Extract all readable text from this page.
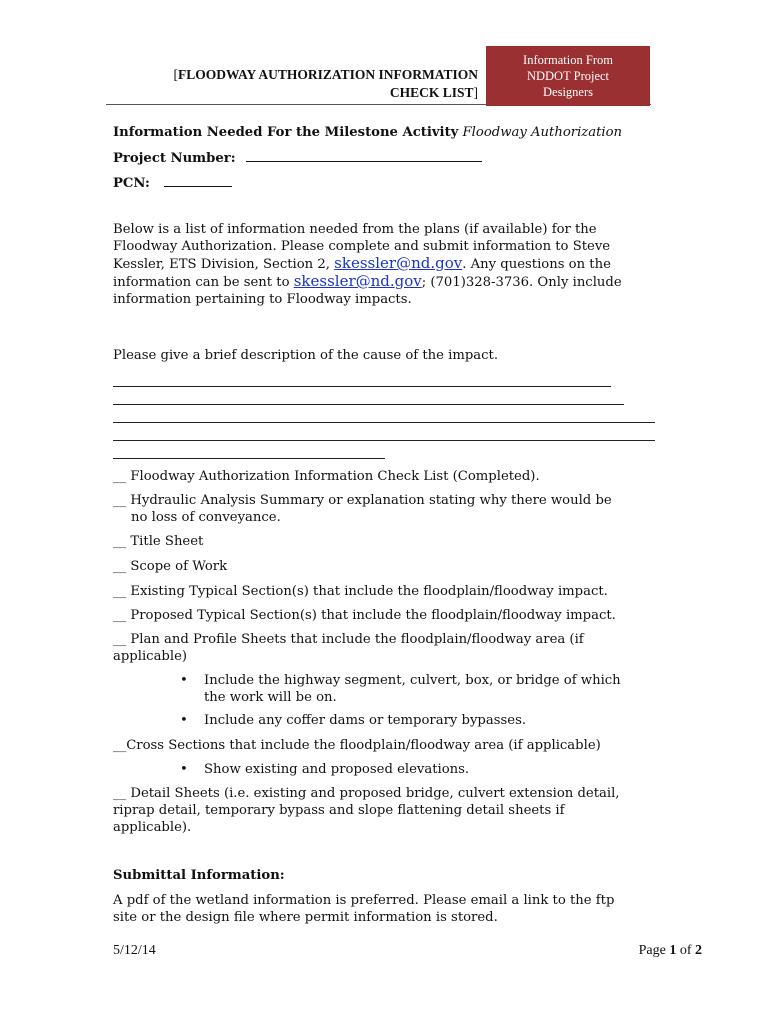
[FLOODWAY AUTHORIZATION INFORMATION
CHECK LIST]
Information From
NDDOT Project
Designers
Information Needed For the Milestone Activity Floodway Authorization
Project Number:
PCN:
Below is a list of information needed from the plans (if available) for the
Floodway Authorization. Please complete and submit information to Steve
Kessler, ETS Division, Section 2, skessler@nd.gov. Any questions on the
information can be sent to skessler@nd.gov; (701)328-3736. Only include
information pertaining to Floodway impacts.
Please give a brief description of the cause of the impact.
__ Floodway Authorization Information Check List (Completed).
__ Hydraulic Analysis Summary or explanation stating why there would be
no loss of conveyance.
__ Title Sheet
__ Scope of Work
__ Existing Typical Section(s) that include the floodplain/floodway impact.
__ Proposed Typical Section(s) that include the floodplain/floodway impact.
__ Plan and Profile Sheets that include the floodplain/floodway area (if
applicable)
• Include the highway segment, culvert, box, or bridge of which
the work will be on.
• Include any coffer dams or temporary bypasses.
__Cross Sections that include the floodplain/floodway area (if applicable)
• Show existing and proposed elevations.
__ Detail Sheets (i.e. existing and proposed bridge, culvert extension detail,
riprap detail, temporary bypass and slope flattening detail sheets if
applicable).
Submittal Information:
A pdf of the wetland information is preferred. Please email a link to the ftp
site or the design file where permit information is stored.
5/12/14	Page 1 of 2
